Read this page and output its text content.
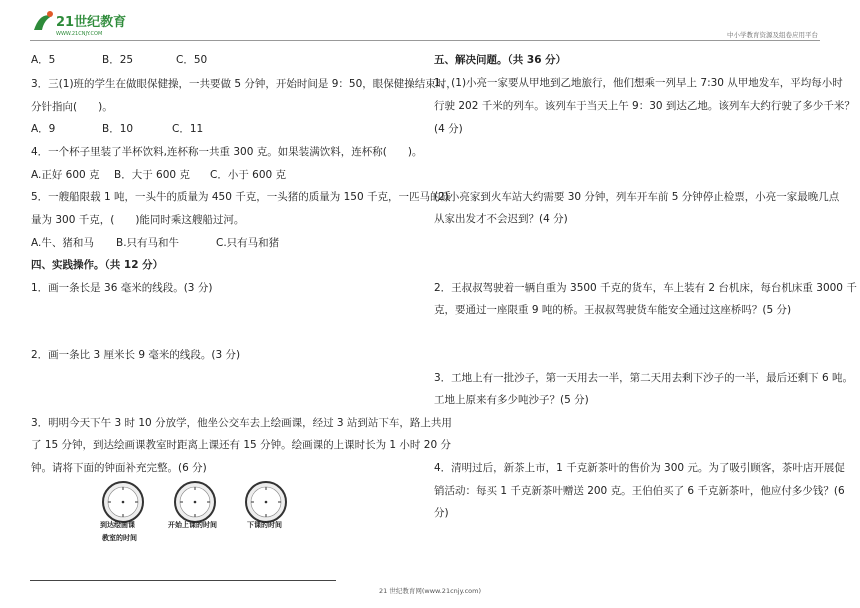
21世纪教育
WWW.21CNJY.COM	中小学教育资源及组卷应用平台
A．5	B．25	C．50
3．三(1)班的学生在做眼保健操，一共要做 5 分钟，开始时间是 9：50，眼保健操结束时，
分针指向(　　)。
A．9	B．10	C．11
4．一个杯子里装了半杯饮料,连杯称一共重 300 克。如果装满饮料，连杯称(　　)。
A.正好 600 克 B．大于 600 克 C．小于 600 克
5．一艘船限载 1 吨，一头牛的质量为 450 千克，一头猪的质量为 150 千克，一匹马的质
量为 300 千克，(　　)能同时乘这艘船过河。
A.牛、猪和马 B.只有马和牛	C.只有马和猪
四、实践操作。（共 12 分）
1．画一条长是 36 毫米的线段。(3 分)
2．画一条比 3 厘米长 9 毫米的线段。(3 分)
3．明明今天下午 3 时 10 分放学，他坐公交车去上绘画课，经过 3 站到站下车，路上共用
了 15 分钟，到达绘画课教室时距离上课还有 15 分钟。绘画课的上课时长为 1 小时 20 分
钟。请将下面的钟面补充完整。(6 分)
到达绘画课	开始上课的时间	下课的时间
教室的时间
五、解决问题。（共 36 分）
1．(1)小亮一家要从甲地到乙地旅行，他们想乘一列早上 7:30 从甲地发车，平均每小时
行驶 202 千米的列车。该列车于当天上午 9：30 到达乙地。该列车大约行驶了多少千米？
(4 分)
(2)小亮家到火车站大约需要 30 分钟，列车开车前 5 分钟停止检票，小亮一家最晚几点
从家出发才不会迟到？(4 分)
2．王叔叔驾驶着一辆自重为 3500 千克的货车，车上装有 2 台机床，每台机床重 3000 千
克，要通过一座限重 9 吨的桥。王叔叔驾驶货车能安全通过这座桥吗？(5 分)
3．工地上有一批沙子，第一天用去一半，第二天用去剩下沙子的一半，最后还剩下 6 吨。
工地上原来有多少吨沙子？(5 分)
4．清明过后，新茶上市，1 千克新茶叶的售价为 300 元。为了吸引顾客，茶叶店开展促
销活动：每买 1 千克新茶叶赠送 200 克。王伯伯买了 6 千克新茶叶，他应付多少钱？(6
分)
21 世纪教育网(www.21cnjy.com)
